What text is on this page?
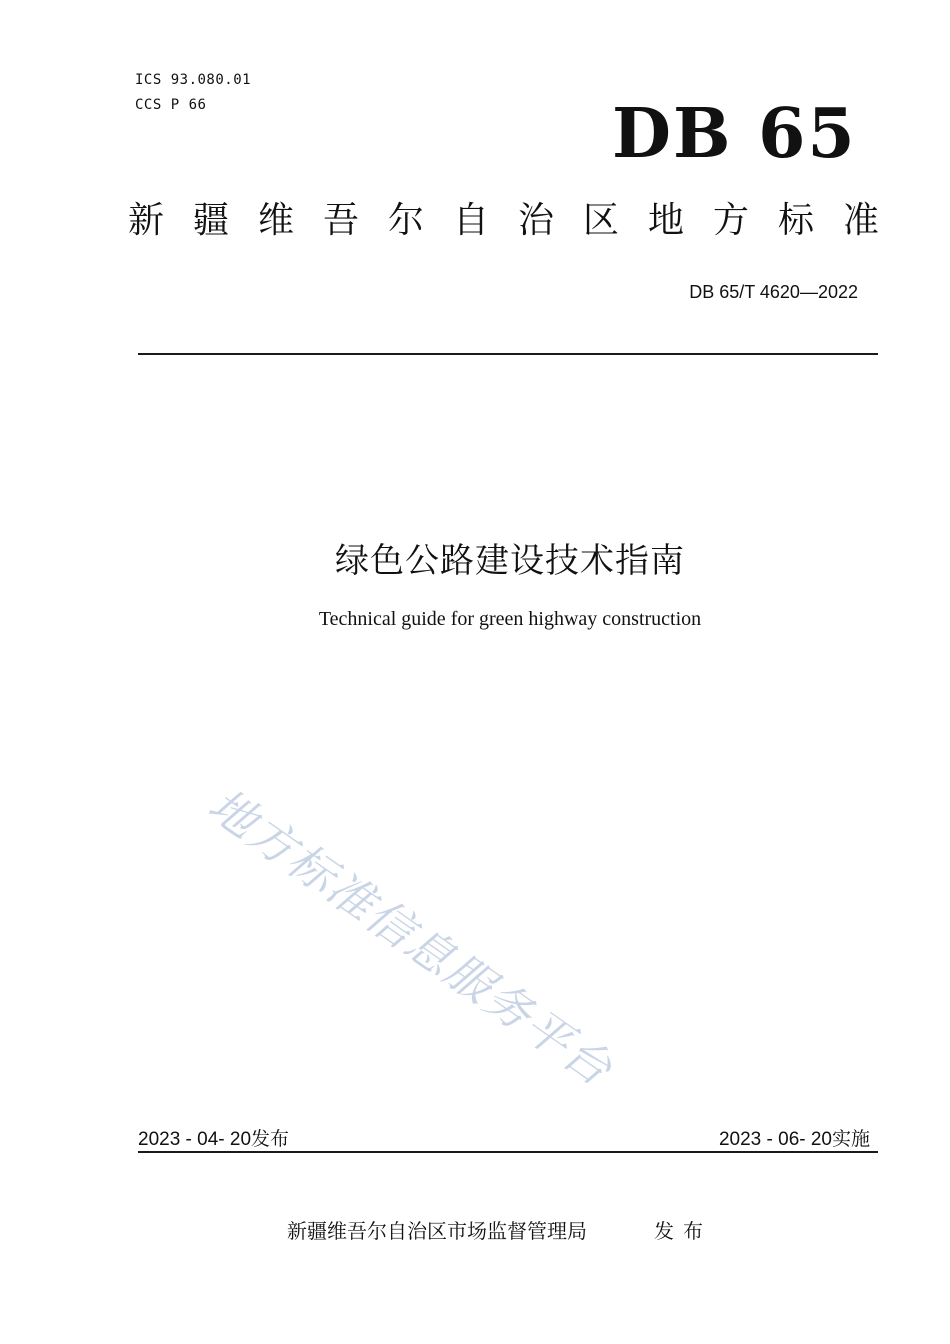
ICS 93.080.01
CCS P 66	DB 65
新疆维吾尔自治区地方标准
DB 65/T 4620—2022
绿色公路建设技术指南
Technical guide for green highway construction
地方标准信息服务平台
2023 - 04- 20发布	2023 - 06- 20实施
新疆维吾尔自治区市场监督管理局	发布
